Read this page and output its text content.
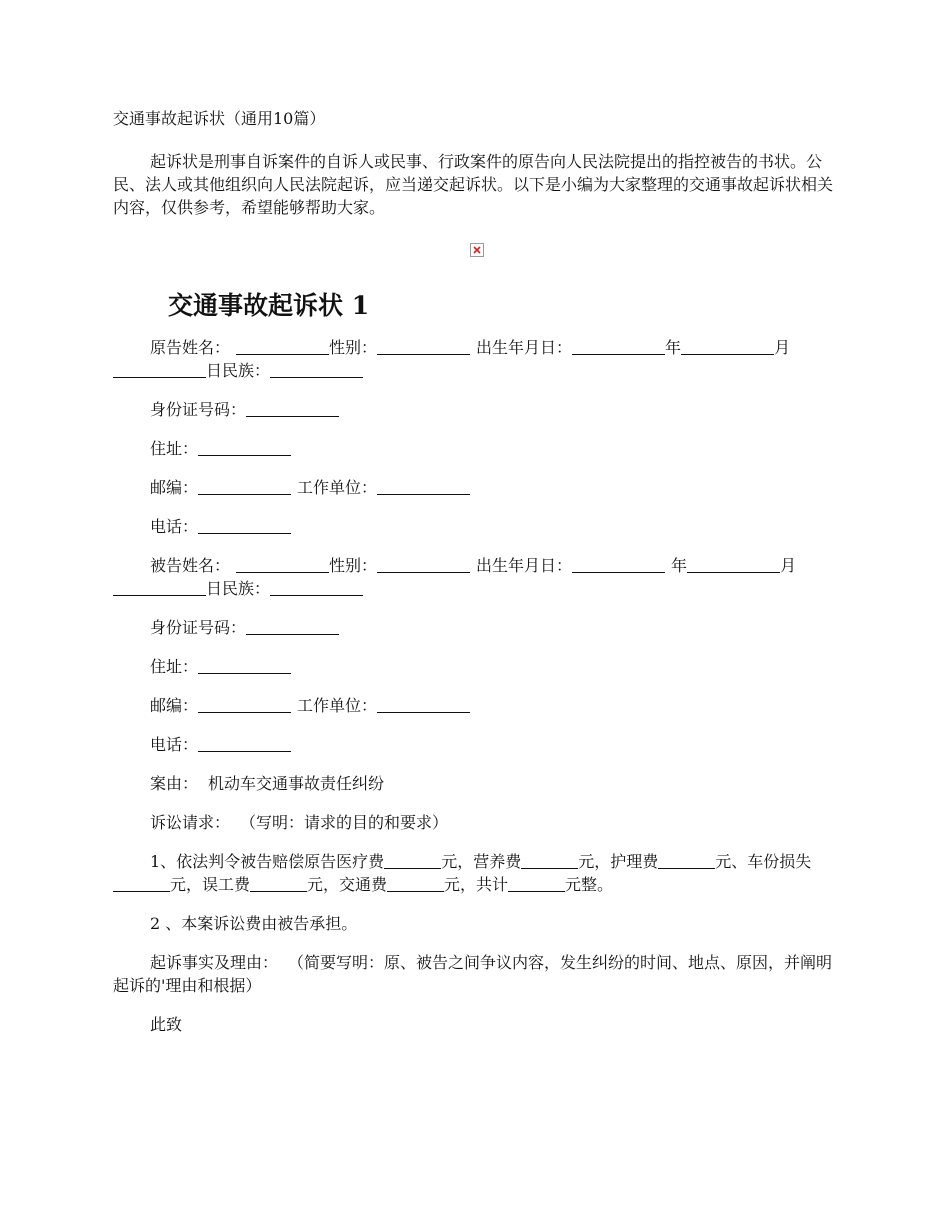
交通事故起诉状（通用10篇）

起诉状是刑事自诉案件的自诉人或民事、行政案件的原告向人民法院提出的指控被告的书状。公民、法人或其他组织向人民法院起诉，应当递交起诉状。以下是小编为大家整理的交通事故起诉状相关内容，仅供参考，希望能够帮助大家。

交通事故起诉状 1

原告姓名：	性别：	出生年月日：	年	月日民族：

身份证号码：

住址：

邮编：	工作单位：

电话：

被告姓名：	性别：	出生年月日：	年	月日民族：

身份证号码：

住址：

邮编：	工作单位：

电话：

案由： 机动车交通事故责任纠纷

诉讼请求： （写明：请求的目的和要求）

1、依法判令被告赔偿原告医疗费	元，营养费	元，护理费	元、车份损失元，误工费	元，交通费	元，共计	元整。

2 、本案诉讼费由被告承担。

起诉事实及理由： （简要写明：原、被告之间争议内容，发生纠纷的时间、地点、原因，并阐明起诉的'理由和根据）

此致
